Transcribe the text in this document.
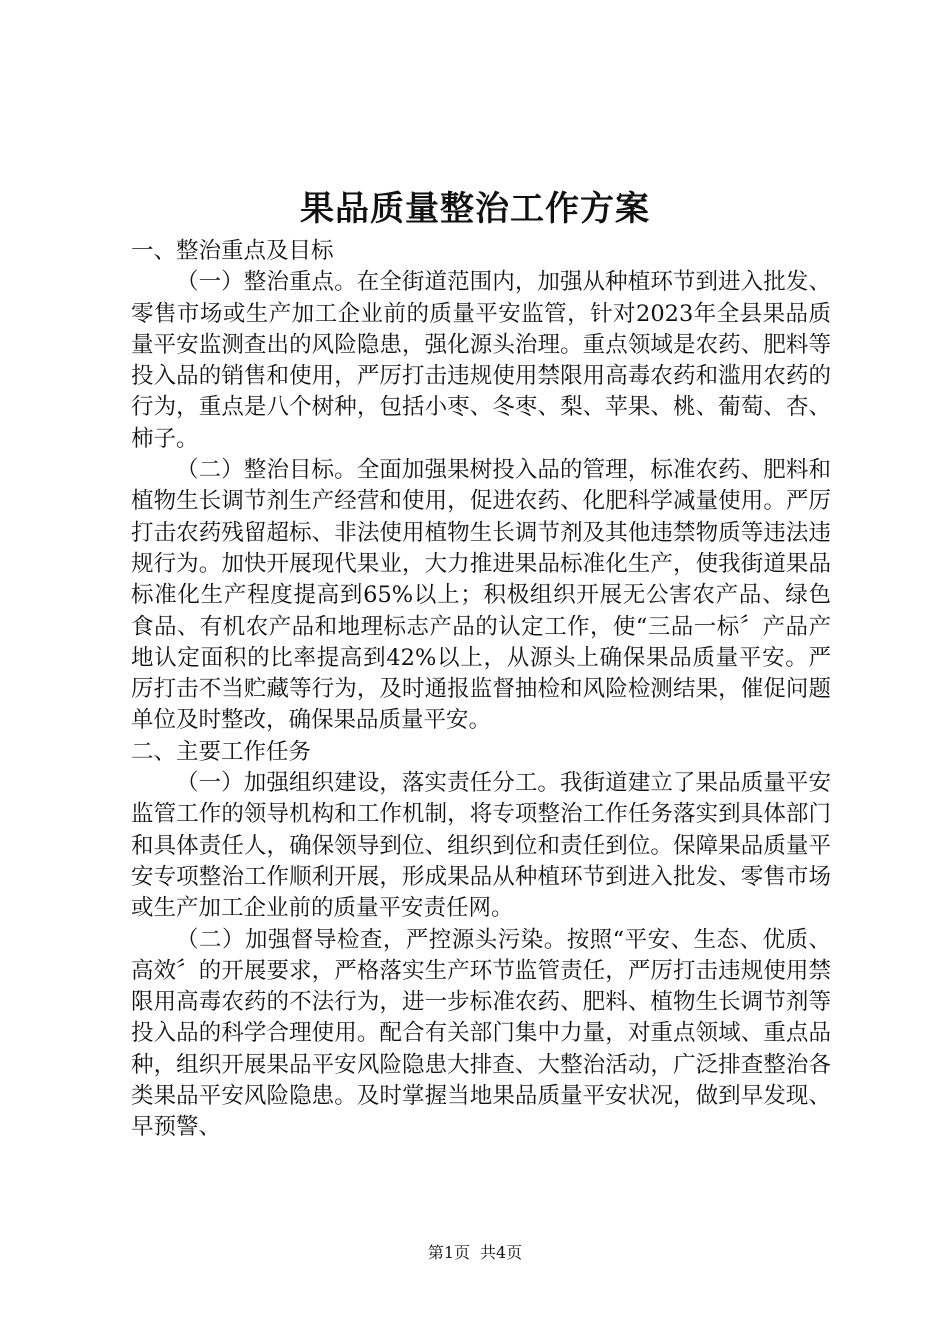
果品质量整治工作方案

一、整治重点及目标

（一）整治重点。在全街道范围内，加强从种植环节到进入批发、零售市场或生产加工企业前的质量平安监管，针对2023年全县果品质量平安监测查出的风险隐患，强化源头治理。重点领域是农药、肥料等投入品的销售和使用，严厉打击违规使用禁限用高毒农药和滥用农药的行为，重点是八个树种，包括小枣、冬枣、梨、苹果、桃、葡萄、杏、柿子。

（二）整治目标。全面加强果树投入品的管理，标准农药、肥料和植物生长调节剂生产经营和使用，促进农药、化肥科学减量使用。严厉打击农药残留超标、非法使用植物生长调节剂及其他违禁物质等违法违规行为。加快开展现代果业，大力推进果品标准化生产，使我街道果品标准化生产程度提高到65%以上；积极组织开展无公害农产品、绿色食品、有机农产品和地理标志产品的认定工作，使“三品一标〞产品产地认定面积的比率提高到42%以上，从源头上确保果品质量平安。严厉打击不当贮藏等行为，及时通报监督抽检和风险检测结果，催促问题单位及时整改，确保果品质量平安。

二、主要工作任务

（一）加强组织建设，落实责任分工。我街道建立了果品质量平安监管工作的领导机构和工作机制，将专项整治工作任务落实到具体部门和具体责任人，确保领导到位、组织到位和责任到位。保障果品质量平安专项整治工作顺利开展，形成果品从种植环节到进入批发、零售市场或生产加工企业前的质量平安责任网。

（二）加强督导检查，严控源头污染。按照“平安、生态、优质、高效〞的开展要求，严格落实生产环节监管责任，严厉打击违规使用禁限用高毒农药的不法行为，进一步标准农药、肥料、植物生长调节剂等投入品的科学合理使用。配合有关部门集中力量，对重点领域、重点品种，组织开展果品平安风险隐患大排查、大整治活动，广泛排查整治各类果品平安风险隐患。及时掌握当地果品质量平安状况，做到早发现、早预警、

第1页 共4页
